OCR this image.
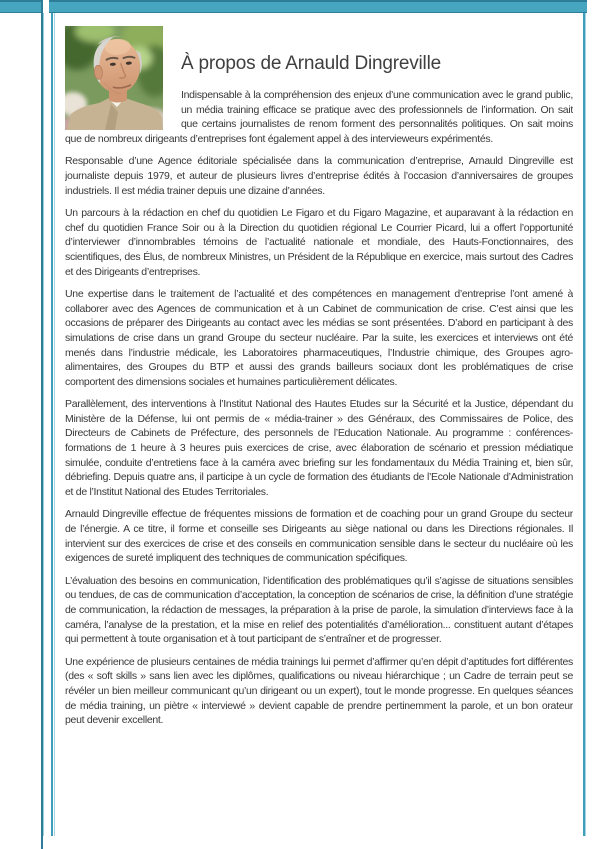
À propos de Arnauld Dingreville

Indispensable à la compréhension des enjeux d’une communication avec le grand public, un média training efficace se pratique avec des professionnels de l’information. On sait que certains journalistes de renom forment des personnalités politiques. On sait moins que de nombreux dirigeants d’entreprises font également appel à des intervieweurs expérimentés.

Responsable d’une Agence éditoriale spécialisée dans la communication d’entreprise, Arnauld Dingreville est journaliste depuis 1979, et auteur de plusieurs livres d’entreprise édités à l’occasion d’anniversaires de groupes industriels. Il est média trainer depuis une dizaine d’années.

Un parcours à la rédaction en chef du quotidien Le Figaro et du Figaro Magazine, et auparavant à la rédaction en chef du quotidien France Soir ou à la Direction du quotidien régional Le Courrier Picard, lui a offert l’opportunité d’interviewer d’innombrables témoins de l’actualité nationale et mondiale, des Hauts-Fonctionnaires, des scientifiques, des Élus, de nombreux Ministres, un Président de la République en exercice, mais surtout des Cadres et des Dirigeants d’entreprises.

Une expertise dans le traitement de l’actualité et des compétences en management d’entreprise l’ont amené à collaborer avec des Agences de communication et à un Cabinet de communication de crise. C’est ainsi que les occasions de préparer des Dirigeants au contact avec les médias se sont présentées. D’abord en participant à des simulations de crise dans un grand Groupe du secteur nucléaire. Par la suite, les exercices et interviews ont été menés dans l’industrie médicale, les Laboratoires pharmaceutiques, l’Industrie chimique, des Groupes agro-alimentaires, des Groupes du BTP et aussi des grands bailleurs sociaux dont les problématiques de crise comportent des dimensions sociales et humaines particulièrement délicates.

Parallèlement, des interventions à l’Institut National des Hautes Etudes sur la Sécurité et la Justice, dépendant du Ministère de la Défense, lui ont permis de « média-trainer » des Généraux, des Commissaires de Police, des Directeurs de Cabinets de Préfecture, des personnels de l’Education Nationale. Au programme : conférences-formations de 1 heure à 3 heures puis exercices de crise, avec élaboration de scénario et pression médiatique simulée, conduite d’entretiens face à la caméra avec briefing sur les fondamentaux du Média Training et, bien sûr, débriefing. Depuis quatre ans, il participe à un cycle de formation des étudiants de l’Ecole Nationale d’Administration et de l’Institut National des Etudes Territoriales.

Arnauld Dingreville effectue de fréquentes missions de formation et de coaching pour un grand Groupe du secteur de l’énergie. A ce titre, il forme et conseille ses Dirigeants au siège national ou dans les Directions régionales. Il intervient sur des exercices de crise et des conseils en communication sensible dans le secteur du nucléaire où les exigences de sureté impliquent des techniques de communication spécifiques.

L’évaluation des besoins en communication, l’identification des problématiques qu’il s’agisse de situations sensibles ou tendues, de cas de communication d’acceptation, la conception de scénarios de crise, la définition d’une stratégie de communication, la rédaction de messages, la préparation à la prise de parole, la simulation d’interviews face à la caméra, l’analyse de la prestation, et la mise en relief des potentialités d’amélioration... constituent autant d’étapes qui permettent à toute organisation et à tout participant de s’entraîner et de progresser.

Une expérience de plusieurs centaines de média trainings lui permet d’affirmer qu’en dépit d’aptitudes fort différentes (des « soft skills » sans lien avec les diplômes, qualifications ou niveau hiérarchique ; un Cadre de terrain peut se révéler un bien meilleur communicant qu’un dirigeant ou un expert), tout le monde progresse. En quelques séances de média training, un piètre « interviewé » devient capable de prendre pertinemment la parole, et un bon orateur peut devenir excellent.
